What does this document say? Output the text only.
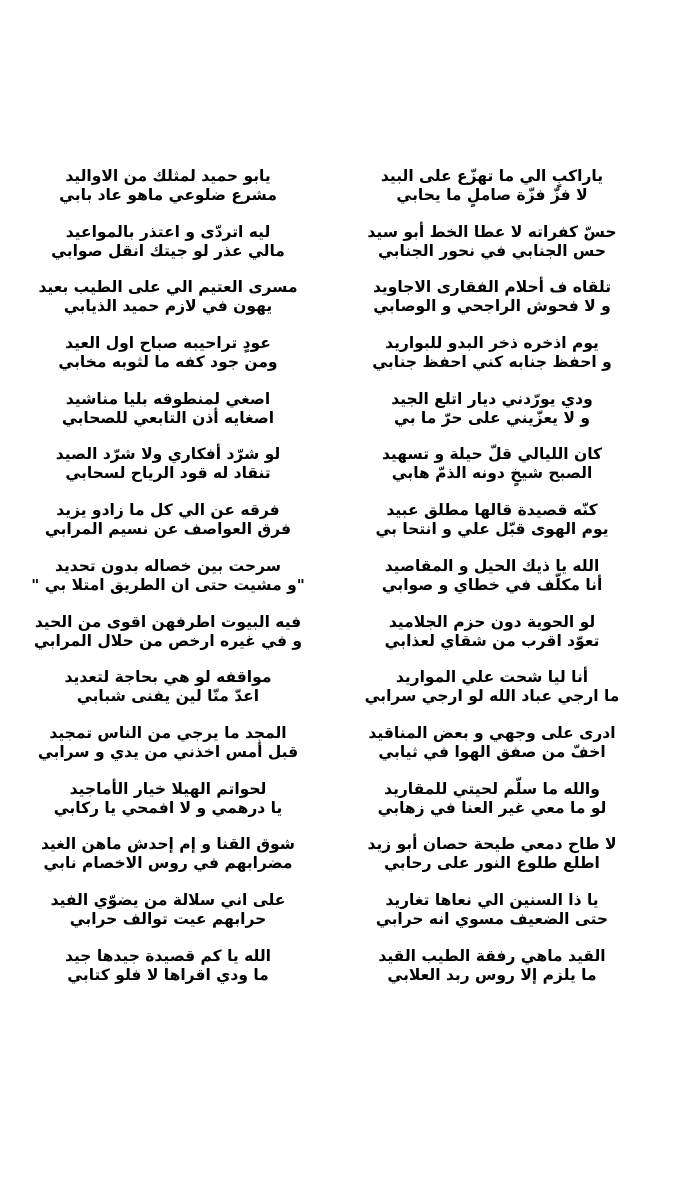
ياراكبٍ الي ما تهزّع على البيد
لا فزّ فزّة صاملٍ ما يحابي
حسّ كفراته لا عطا الخط أبو سيد
حس الجنابي في نحور الجنابي
تلقاه ف أحلام الفقارى الاجاويد
و لا فحوش الراجحي و الوصابي
يوم اذخره ذخر البدو للبواريد
و احفظ جنابه كني احفظ جنابي
ودي يورّدني ديار اتلع الجيد
و لا يعزّيني على حرّ ما بي
كان الليالي قلّ حيلة و تسهيد
الصبح شيخٍ دونه الذمّ هابي
كنّه قصيدة قالها مطلق عبيد
يوم الهوى قبّل علي و انتحا بي
الله يا ذيك الحيل و المقاصيد
أنا مكلّف في خطاي و صوابي
لو الحوية دون حزم الجلاميد
تعوّد اقرب من شقاي لعذابي
أنا ليا شحت علي المواريد
ما ارجي عباد الله لو ارجي سرابي
ادرى على وجهي و بعض المناقيد
اخفّ من صفق الهوا في ثيابي
والله ما سلّم لحيتي للمقاريد
لو ما معي غير العنا في زهابي
لا طاح دمعي طيحة حصان أبو زيد
اطلع طلوع النور على رحابي
يا ذا السنين الي نعاها تغاريد
حتى الضعيف مسوي انه حرابي
القيد ماهي رفقة الطيب القيد
ما يلزم إلا روس ربد العلابي
يابو حميد لمثلك من الاواليد
مشرع ضلوعي ماهو عاد بابي
ليه اتردّى و اعتذر بالمواعيد
مالي عذر لو جيتك انقل صوابي
مسرى العتيم الي على الطيب بعيد
يهون في لازم حميد الذيابي
عودٍ تراحيبه صباح اول العيد
ومن جود كفه ما لثوبه مخابي
اصغي لمنطوقه بليا مناشيد
اصغايه أذن التابعي للصحابي
لو شرّد أفكاري ولا شرّد الصيد
تنقاد له قود الرياح لسحابي
فرقه عن الي كل ما زادو يزيد
فرق العواصف عن نسيم المرابي
سرحت بين خصاله بدون تحديد
"و مشيت حتى ان الطريق امتلا بي "
فيه البيوت اطرفهن اقوى من الحيد
و في غيره ارخص من حلال المرابي
مواقفه لو هي بحاجة لتعديد
اعدّ منّا لين يفنى شبابي
المجد ما يرجي من الناس تمجيد
قبل أمس اخذني من يدي و سرابي
لحواتم الهيلا خيار الأماجيد
يا درهمي و لا افمحي يا ركابي
شوق القنا و إم إحدش ماهن الغيد
مضرابهم في روس الاخصام نابي
على اني سلالة من يضوّي الفيد
حرابهم عيت توالف حرابي
الله يا كم قصيدة جيدها جيد
ما ودي اقراها لا فلو كتابي
